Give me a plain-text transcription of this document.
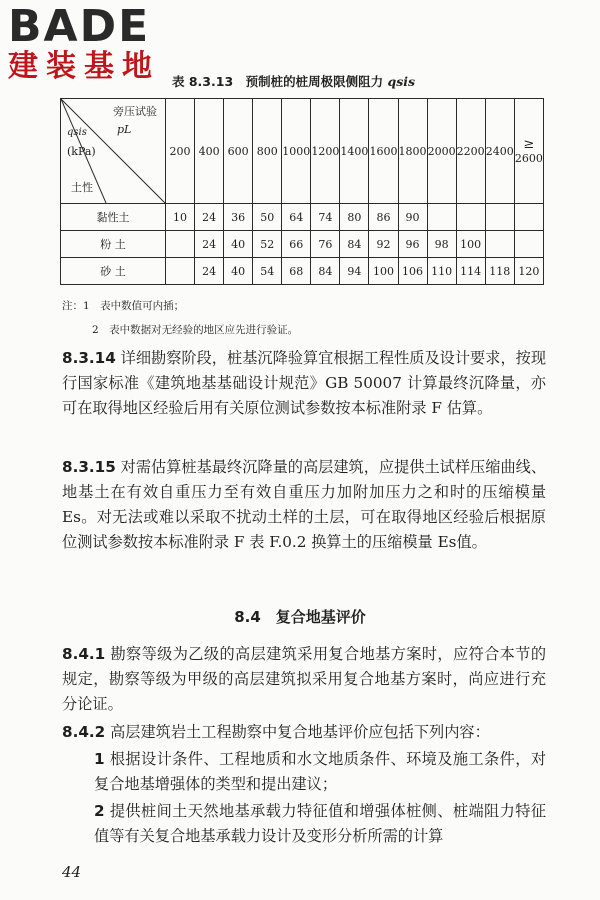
BADE
建装基地 表 8.3.13　预制桩的桩周极限侧阻力 qsis
旁压试验
pL
qsis
(kPa)
土性	200	400	600	800	1000	1200	1400	1600	1800	2000	2200	2400	≥
2600
黏性土	10	24	36	50	64	74	80	86	90				
粉 土		24	40	52	66	76	84	92	96	98	100		
砂 土		24	40	54	68	84	94	100	106	110	114	118	120
注：1　表中数值可内插；
2　表中数据对无经验的地区应先进行验证。
8.3.14 详细勘察阶段，桩基沉降验算宜根据工程性质及设计要求，按现行国家标准《建筑地基基础设计规范》GB 50007 计算最终沉降量，亦可在取得地区经验后用有关原位测试参数按本标准附录 F 估算。
8.3.15 对需估算桩基最终沉降量的高层建筑，应提供土试样压缩曲线、地基土在有效自重压力至有效自重压力加附加压力之和时的压缩模量 Es。对无法或难以采取不扰动土样的土层，可在取得地区经验后根据原位测试参数按本标准附录 F 表 F.0.2 换算土的压缩模量 Es值。
8.4　复合地基评价
8.4.1 勘察等级为乙级的高层建筑采用复合地基方案时，应符合本节的规定，勘察等级为甲级的高层建筑拟采用复合地基方案时，尚应进行充分论证。
8.4.2 高层建筑岩土工程勘察中复合地基评价应包括下列内容：
1 根据设计条件、工程地质和水文地质条件、环境及施工条件，对复合地基增强体的类型和提出建议；
2 提供桩间土天然地基承载力特征值和增强体桩侧、桩端阻力特征值等有关复合地基承载力设计及变形分析所需的计算
44
